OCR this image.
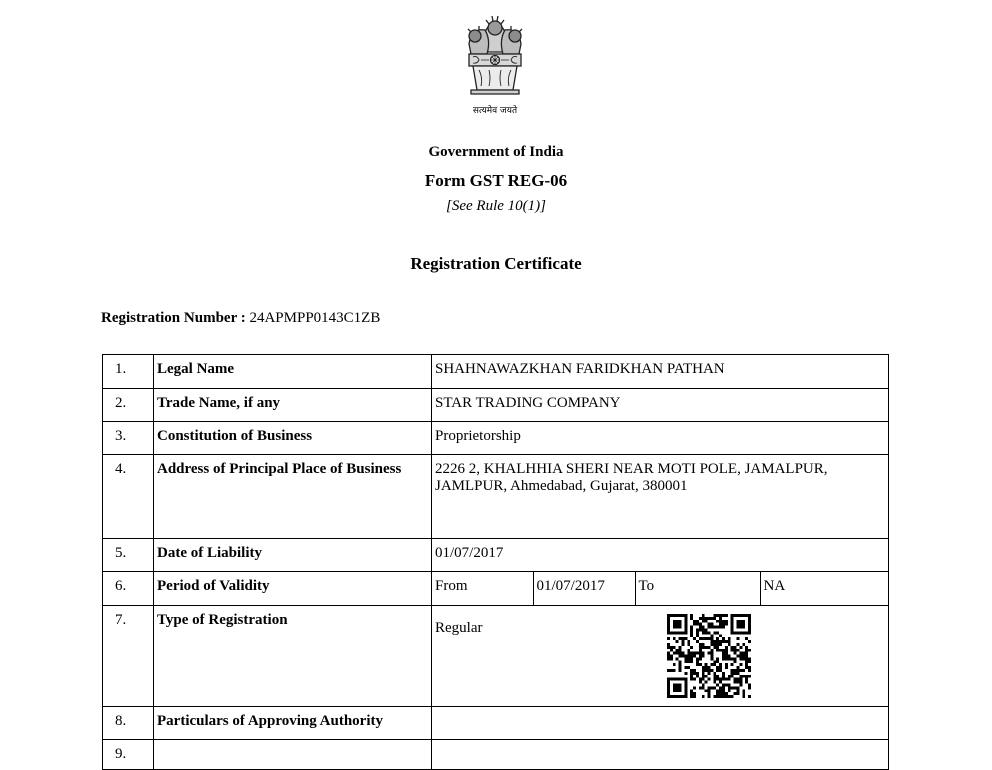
सत्यमेव जयते
Government of India
Form GST REG-06
[See Rule 10(1)]
Registration Certificate
Registration Number : 24APMPP0143C1ZB
1.	Legal Name	SHAHNAWAZKHAN FARIDKHAN PATHAN
2.	Trade Name, if any	STAR TRADING COMPANY
3.	Constitution of Business	Proprietorship
4.	Address of Principal Place of Business	2226 2, KHALHHIA SHERI NEAR MOTI POLE, JAMALPUR, JAMLPUR, Ahmedabad, Gujarat, 380001
5.	Date of Liability	01/07/2017
6.	Period of Validity		From	01/07/2017	To	NA

7.	Type of Registration	Regular

8.	Particulars of Approving Authority	
9.		
